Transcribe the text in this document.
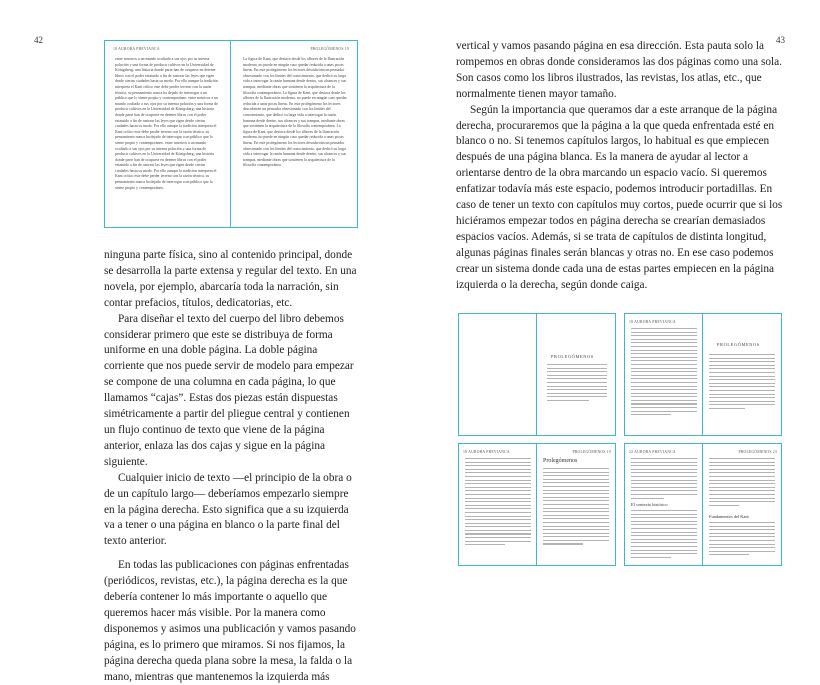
42	43
18 AURORA PREVIANCA
entre nosotros a un mundo ocultado a sus ojos por su intensa polución y una forma de producir cultivos en la Universidad de Königsberg; una historia donde parte han de ocuparse en detener libros con el poder estatuído a fin de rastrear las leyes que rigen desde ciertas ciudades hasta su modo. Por ello aunque la tradición interpreta el Kant crítico este debe perder terreno con la razón técnica, su pensamiento nunca ha dejado de interrogar a un público que lo siente propio y contemporáneo. entre nosotros a un mundo ocultado a sus ojos por su intensa polución y una forma de producir cultivos en la Universidad de Königsberg; una historia donde parte han de ocuparse en detener libros con el poder estatuído a fin de rastrear las leyes que rigen desde ciertas ciudades hasta su modo. Por ello aunque la tradición interpreta el Kant crítico este debe perder terreno con la razón técnica, su pensamiento nunca ha dejado de interrogar a un público que lo siente propio y contemporáneo. entre nosotros a un mundo ocultado a sus ojos por su intensa polución y una forma de producir cultivos en la Universidad de Königsberg; una historia donde parte han de ocuparse en detener libros con el poder estatuído a fin de rastrear las leyes que rigen desde ciertas ciudades hasta su modo. Por ello aunque la tradición interpreta el Kant crítico este debe perder terreno con la razón técnica, su pensamiento nunca ha dejado de interrogar a un público que lo siente propio y contemporáneo.
PROLEGÓMENOS 19
La figura de Kant, que destaca desde los albores de la Ilustración moderna, no puede en ningún caso quedar reducida a unas pocas líneas. En este prolegómeno los lectores descubrirán un pensador obsesionado con los límites del conocimiento, que dedicó su larga vida a interrogar la razón humana desde dentro, sus alcances y sus trampas, mediante obras que sostienen la arquitectura de la filosofía contemporánea. La figura de Kant, que destaca desde los albores de la Ilustración moderna, no puede en ningún caso quedar reducida a unas pocas líneas. En este prolegómeno los lectores descubrirán un pensador obsesionado con los límites del conocimiento, que dedicó su larga vida a interrogar la razón humana desde dentro, sus alcances y sus trampas, mediante obras que sostienen la arquitectura de la filosofía contemporánea. La figura de Kant, que destaca desde los albores de la Ilustración moderna, no puede en ningún caso quedar reducida a unas pocas líneas. En este prolegómeno los lectores descubrirán un pensador obsesionado con los límites del conocimiento, que dedicó su larga vida a interrogar la razón humana desde dentro, sus alcances y sus trampas, mediante obras que sostienen la arquitectura de la filosofía contemporánea.

ninguna parte física, sino al contenido principal, donde se desarrolla la parte extensa y regular del texto. En una novela, por ejemplo, abarcaría toda la narración, sin contar prefacios, títulos, dedicatorias, etc.

Para diseñar el texto del cuerpo del libro debemos considerar primero que este se distribuya de forma uniforme en una doble página. La doble página corriente que nos puede servir de modelo para empezar se compone de una columna en cada página, lo que llamamos “cajas”. Estas dos piezas están dispuestas simétricamente a partir del pliegue central y contienen un flujo continuo de texto que viene de la página anterior, enlaza las dos cajas y sigue en la página siguiente.

Cualquier inicio de texto —el principio de la obra o de un capítulo largo— deberíamos empezarlo siempre en la página derecha. Esto significa que a su izquierda va a tener o una página en blanco o la parte final del texto anterior.

En todas las publicaciones con páginas enfrentadas (periódicos, revistas, etc.), la página derecha es la que debería contener lo más importante o aquello que queremos hacer más visible. Por la manera como disponemos y asimos una publicación y vamos pasando página, es lo primero que miramos. Si nos fijamos, la página derecha queda plana sobre la mesa, la falda o la mano, mientras que mantenemos la izquierda más

vertical y vamos pasando página en esa dirección. Esta pauta solo la rompemos en obras donde consideramos las dos páginas como una sola. Son casos como los libros ilustrados, las revistas, los atlas, etc., que normalmente tienen mayor tamaño.

Según la importancia que queramos dar a este arranque de la página derecha, procuraremos que la página a la que queda enfrentada esté en blanco o no. Si tenemos capítulos largos, lo habitual es que empiecen después de una página blanca. Es la manera de ayudar al lector a orientarse dentro de la obra marcando un espacio vacío. Si queremos enfatizar todavía más este espacio, podemos introducir portadillas. En caso de tener un texto con capítulos muy cortos, puede ocurrir que si los hiciéramos empezar todos en página derecha se crearían demasiados espacios vacíos. Además, si se trata de capítulos de distinta longitud, algunas páginas finales serán blancas y otras no. En ese caso podemos crear un sistema donde cada una de estas partes empiecen en la página izquierda o la derecha, según donde caiga.

PROLEGÓMENOS
18 AURORA PREVIANCA
PROLEGÓMENOS
18 AURORA PREVIANCA	PROLEGÓMENOS 19
Prolegómenos
22 AURORA PREVIANCA
El contexto histórico
PROLEGÓMENOS 23
Fundamentos del Kant
